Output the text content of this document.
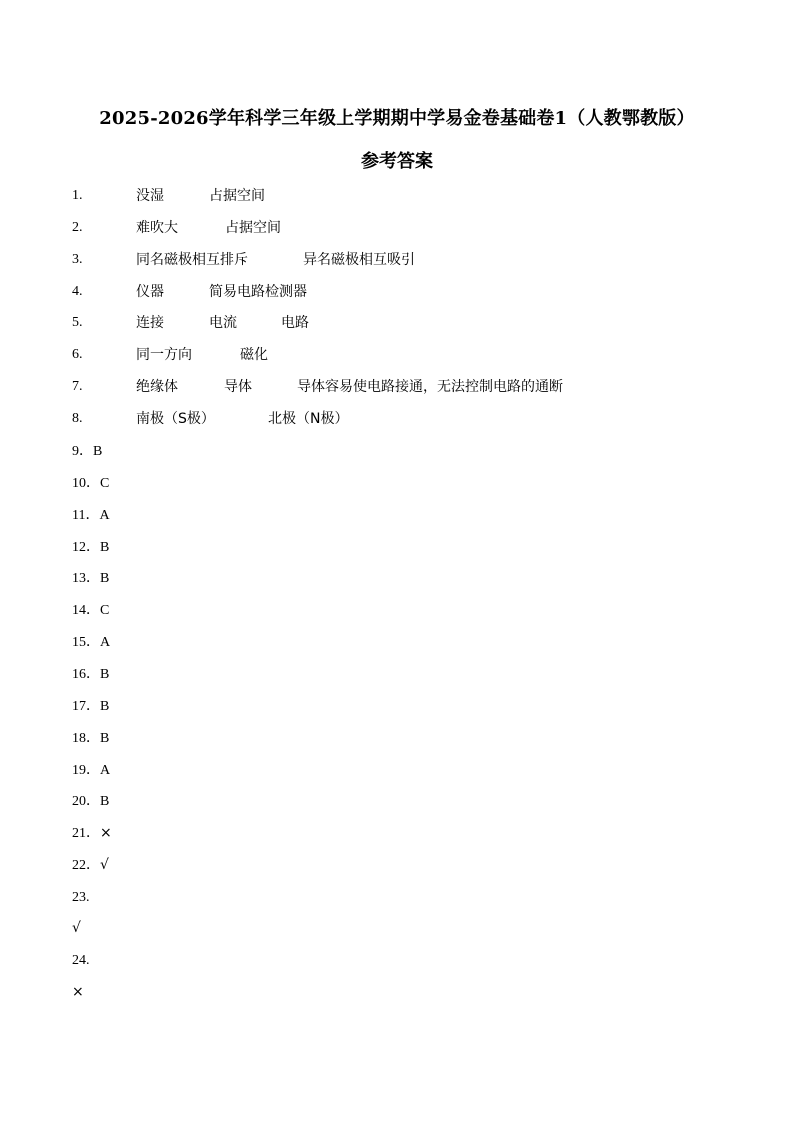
2025-2026学年科学三年级上学期期中学易金卷基础卷1（人教鄂教版）
参考答案
1.	没湿	占据空间
2.	难吹大	占据空间
3.	同名磁极相互排斥	异名磁极相互吸引
4.	仪器	简易电路检测器
5.	连接	电流	电路
6.	同一方向	磁化
7.	绝缘体	导体	导体容易使电路接通，无法控制电路的通断
8.	南极（S极）	北极（N极）
9．B
10．C
11．A
12．B
13．B
14．C
15．A
16．B
17．B
18．B
19．A
20．B
21．×
22．√
23.
√
24.
×
